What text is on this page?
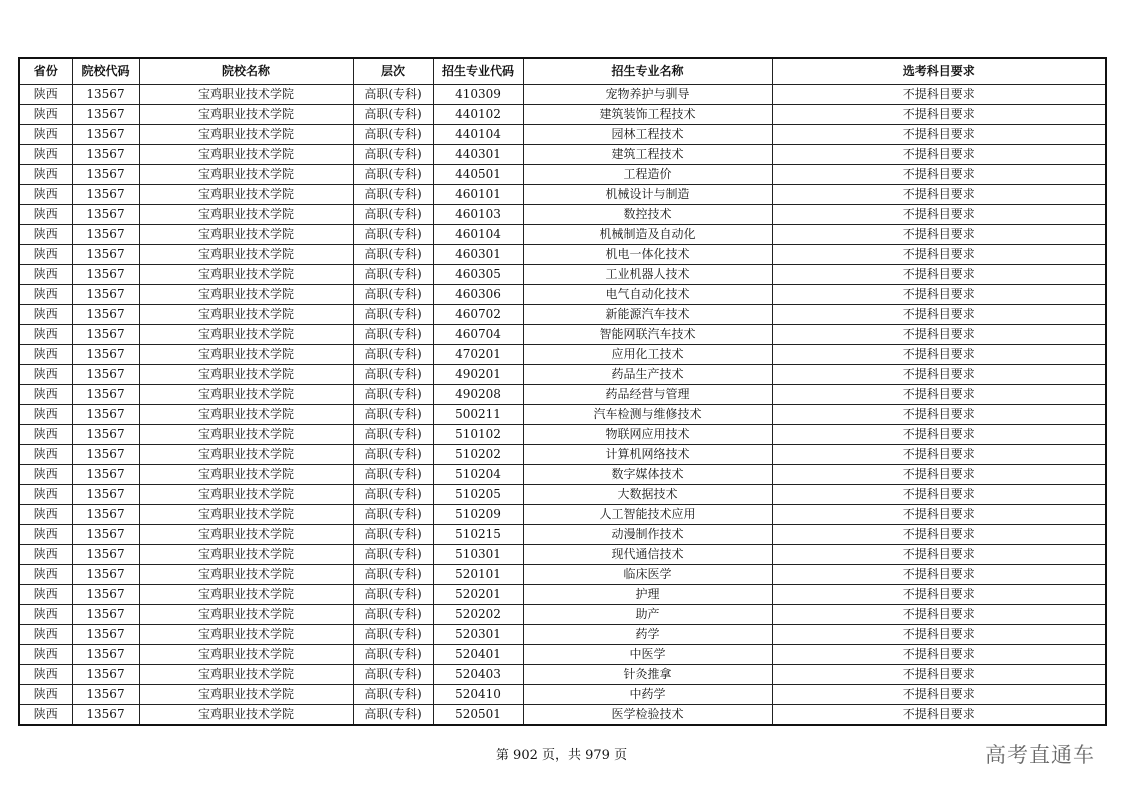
省份	院校代码	院校名称	层次	招生专业代码	招生专业名称	选考科目要求
陕西	13567	宝鸡职业技术学院	高职(专科)	410309	宠物养护与驯导	不提科目要求
陕西	13567	宝鸡职业技术学院	高职(专科)	440102	建筑装饰工程技术	不提科目要求
陕西	13567	宝鸡职业技术学院	高职(专科)	440104	园林工程技术	不提科目要求
陕西	13567	宝鸡职业技术学院	高职(专科)	440301	建筑工程技术	不提科目要求
陕西	13567	宝鸡职业技术学院	高职(专科)	440501	工程造价	不提科目要求
陕西	13567	宝鸡职业技术学院	高职(专科)	460101	机械设计与制造	不提科目要求
陕西	13567	宝鸡职业技术学院	高职(专科)	460103	数控技术	不提科目要求
陕西	13567	宝鸡职业技术学院	高职(专科)	460104	机械制造及自动化	不提科目要求
陕西	13567	宝鸡职业技术学院	高职(专科)	460301	机电一体化技术	不提科目要求
陕西	13567	宝鸡职业技术学院	高职(专科)	460305	工业机器人技术	不提科目要求
陕西	13567	宝鸡职业技术学院	高职(专科)	460306	电气自动化技术	不提科目要求
陕西	13567	宝鸡职业技术学院	高职(专科)	460702	新能源汽车技术	不提科目要求
陕西	13567	宝鸡职业技术学院	高职(专科)	460704	智能网联汽车技术	不提科目要求
陕西	13567	宝鸡职业技术学院	高职(专科)	470201	应用化工技术	不提科目要求
陕西	13567	宝鸡职业技术学院	高职(专科)	490201	药品生产技术	不提科目要求
陕西	13567	宝鸡职业技术学院	高职(专科)	490208	药品经营与管理	不提科目要求
陕西	13567	宝鸡职业技术学院	高职(专科)	500211	汽车检测与维修技术	不提科目要求
陕西	13567	宝鸡职业技术学院	高职(专科)	510102	物联网应用技术	不提科目要求
陕西	13567	宝鸡职业技术学院	高职(专科)	510202	计算机网络技术	不提科目要求
陕西	13567	宝鸡职业技术学院	高职(专科)	510204	数字媒体技术	不提科目要求
陕西	13567	宝鸡职业技术学院	高职(专科)	510205	大数据技术	不提科目要求
陕西	13567	宝鸡职业技术学院	高职(专科)	510209	人工智能技术应用	不提科目要求
陕西	13567	宝鸡职业技术学院	高职(专科)	510215	动漫制作技术	不提科目要求
陕西	13567	宝鸡职业技术学院	高职(专科)	510301	现代通信技术	不提科目要求
陕西	13567	宝鸡职业技术学院	高职(专科)	520101	临床医学	不提科目要求
陕西	13567	宝鸡职业技术学院	高职(专科)	520201	护理	不提科目要求
陕西	13567	宝鸡职业技术学院	高职(专科)	520202	助产	不提科目要求
陕西	13567	宝鸡职业技术学院	高职(专科)	520301	药学	不提科目要求
陕西	13567	宝鸡职业技术学院	高职(专科)	520401	中医学	不提科目要求
陕西	13567	宝鸡职业技术学院	高职(专科)	520403	针灸推拿	不提科目要求
陕西	13567	宝鸡职业技术学院	高职(专科)	520410	中药学	不提科目要求
陕西	13567	宝鸡职业技术学院	高职(专科)	520501	医学检验技术	不提科目要求
第 902 页，共 979 页	高考直通车
